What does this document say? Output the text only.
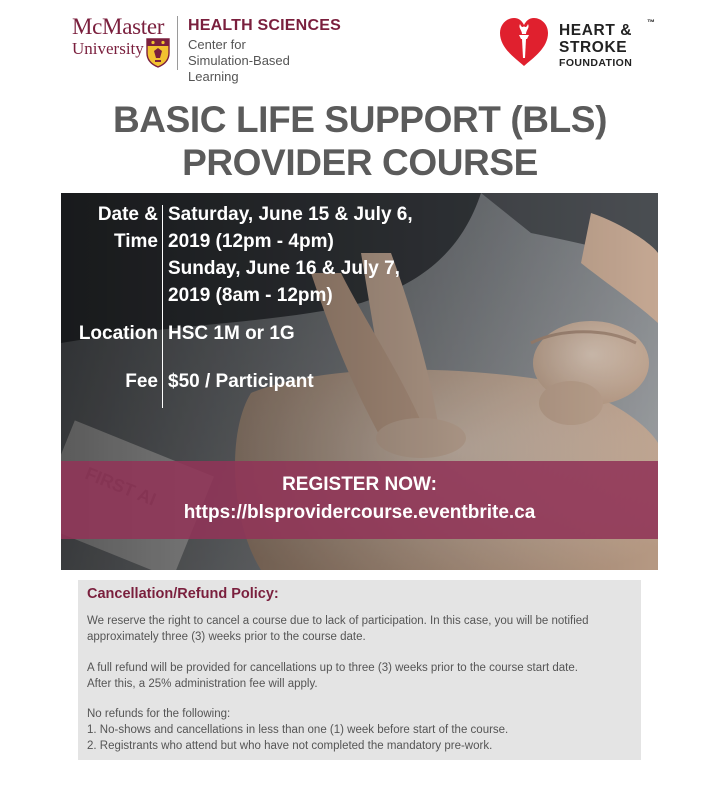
McMaster
University
HEALTH SCIENCES
Center for
Simulation-Based Learning
HEART &
STROKE
FOUNDATION
™
BASIC LIFE SUPPORT (BLS)
PROVIDER COURSE
Date &
Time
Saturday, June 15 & July 6,
2019 (12pm - 4pm)
Sunday, June 16 & July 7,
2019 (8am - 12pm)
Location HSC 1M or 1G
Fee $50 / Participant
REGISTER NOW:
https://blsprovidercourse.eventbrite.ca
Cancellation/Refund Policy:
We reserve the right to cancel a course due to lack of participation. In this case, you will be notified
approximately three (3) weeks prior to the course date.
A full refund will be provided for cancellations up to three (3) weeks prior to the course start date.
After this, a 25% administration fee will apply.
No refunds for the following:
1. No-shows and cancellations in less than one (1) week before start of the course.
2. Registrants who attend but who have not completed the mandatory pre-work.
